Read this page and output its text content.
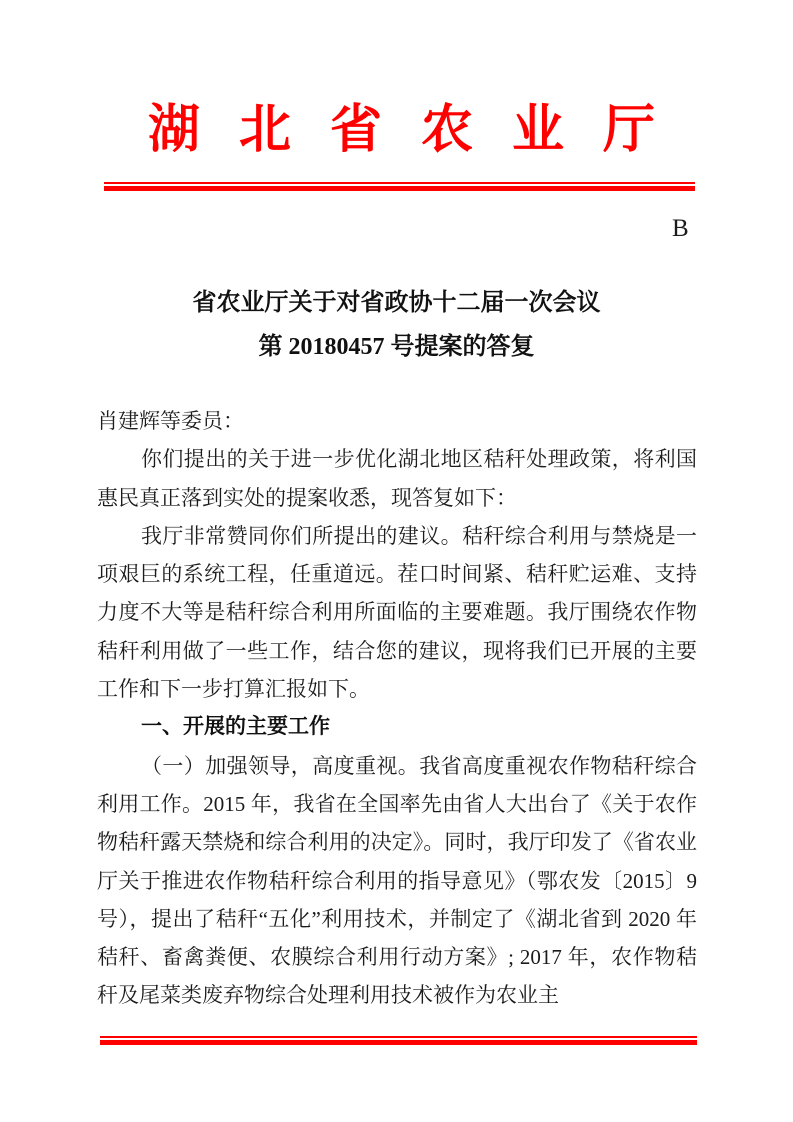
湖北省农业厅
B
省农业厅关于对省政协十二届一次会议
第 20180457 号提案的答复

肖建辉等委员：

你们提出的关于进一步优化湖北地区秸秆处理政策，将利国惠民真正落到实处的提案收悉，现答复如下：

我厅非常赞同你们所提出的建议。秸秆综合利用与禁烧是一项艰巨的系统工程，任重道远。茬口时间紧、秸秆贮运难、支持力度不大等是秸秆综合利用所面临的主要难题。我厅围绕农作物秸秆利用做了一些工作，结合您的建议，现将我们已开展的主要工作和下一步打算汇报如下。

一、开展的主要工作

（一）加强领导，高度重视。我省高度重视农作物秸秆综合利用工作。2015 年，我省在全国率先由省人大出台了《关于农作物秸秆露天禁烧和综合利用的决定》。同时，我厅印发了《省农业厅关于推进农作物秸秆综合利用的指导意见》（鄂农发〔2015〕9 号），提出了秸秆“五化”利用技术，并制定了《湖北省到 2020 年秸秆、畜禽粪便、农膜综合利用行动方案》; 2017 年，农作物秸秆及尾菜类废弃物综合处理利用技术被作为农业主
